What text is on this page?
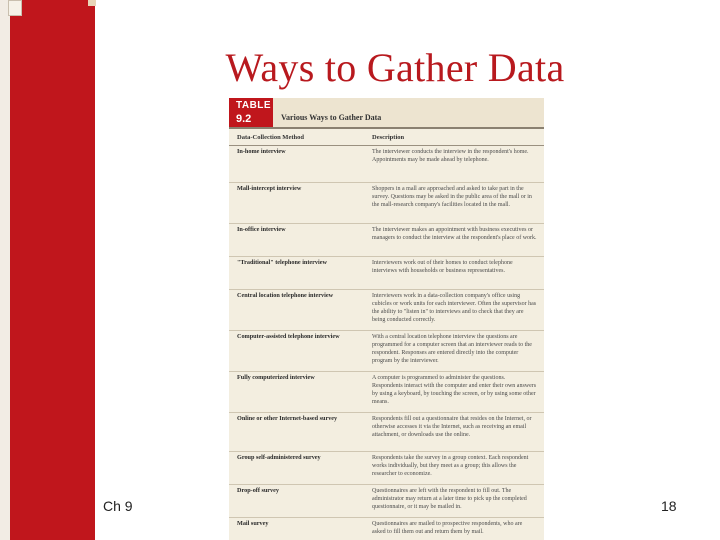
Ways to Gather Data
TABLE
9.2	Various Ways to Gather Data
Data-Collection Method	Description
In-home interview	The interviewer conducts the interview in the respondent's home. Appointments may be made ahead by telephone.
Mall-intercept interview	Shoppers in a mall are approached and asked to take part in the survey. Questions may be asked in the public area of the mall or in the mall-research company's facilities located in the mall.
In-office interview	The interviewer makes an appointment with business executives or managers to conduct the interview at the respondent's place of work.
"Traditional" telephone interview	Interviewers work out of their homes to conduct telephone interviews with households or business representatives.
Central location telephone interview	Interviewers work in a data-collection company's office using cubicles or work units for each interviewer. Often the supervisor has the ability to "listen in" to interviews and to check that they are being conducted correctly.
Computer-assisted telephone interview	With a central location telephone interview the questions are programmed for a computer screen that an interviewer reads to the respondent. Responses are entered directly into the computer program by the interviewer.
Fully computerized interview	A computer is programmed to administer the questions. Respondents interact with the computer and enter their own answers by using a keyboard, by touching the screen, or by using some other means.
Online or other Internet-based survey	Respondents fill out a questionnaire that resides on the Internet, or otherwise accesses it via the Internet, such as receiving an email attachment, or downloads use the online.
Group self-administered survey	Respondents take the survey in a group context. Each respondent works individually, but they meet as a group; this allows the researcher to economize.
Drop-off survey	Questionnaires are left with the respondent to fill out. The administrator may return at a later time to pick up the completed questionnaire, or it may be mailed in.
Mail survey	Questionnaires are mailed to prospective respondents, who are asked to fill them out and return them by mail.
Ch 9	18
